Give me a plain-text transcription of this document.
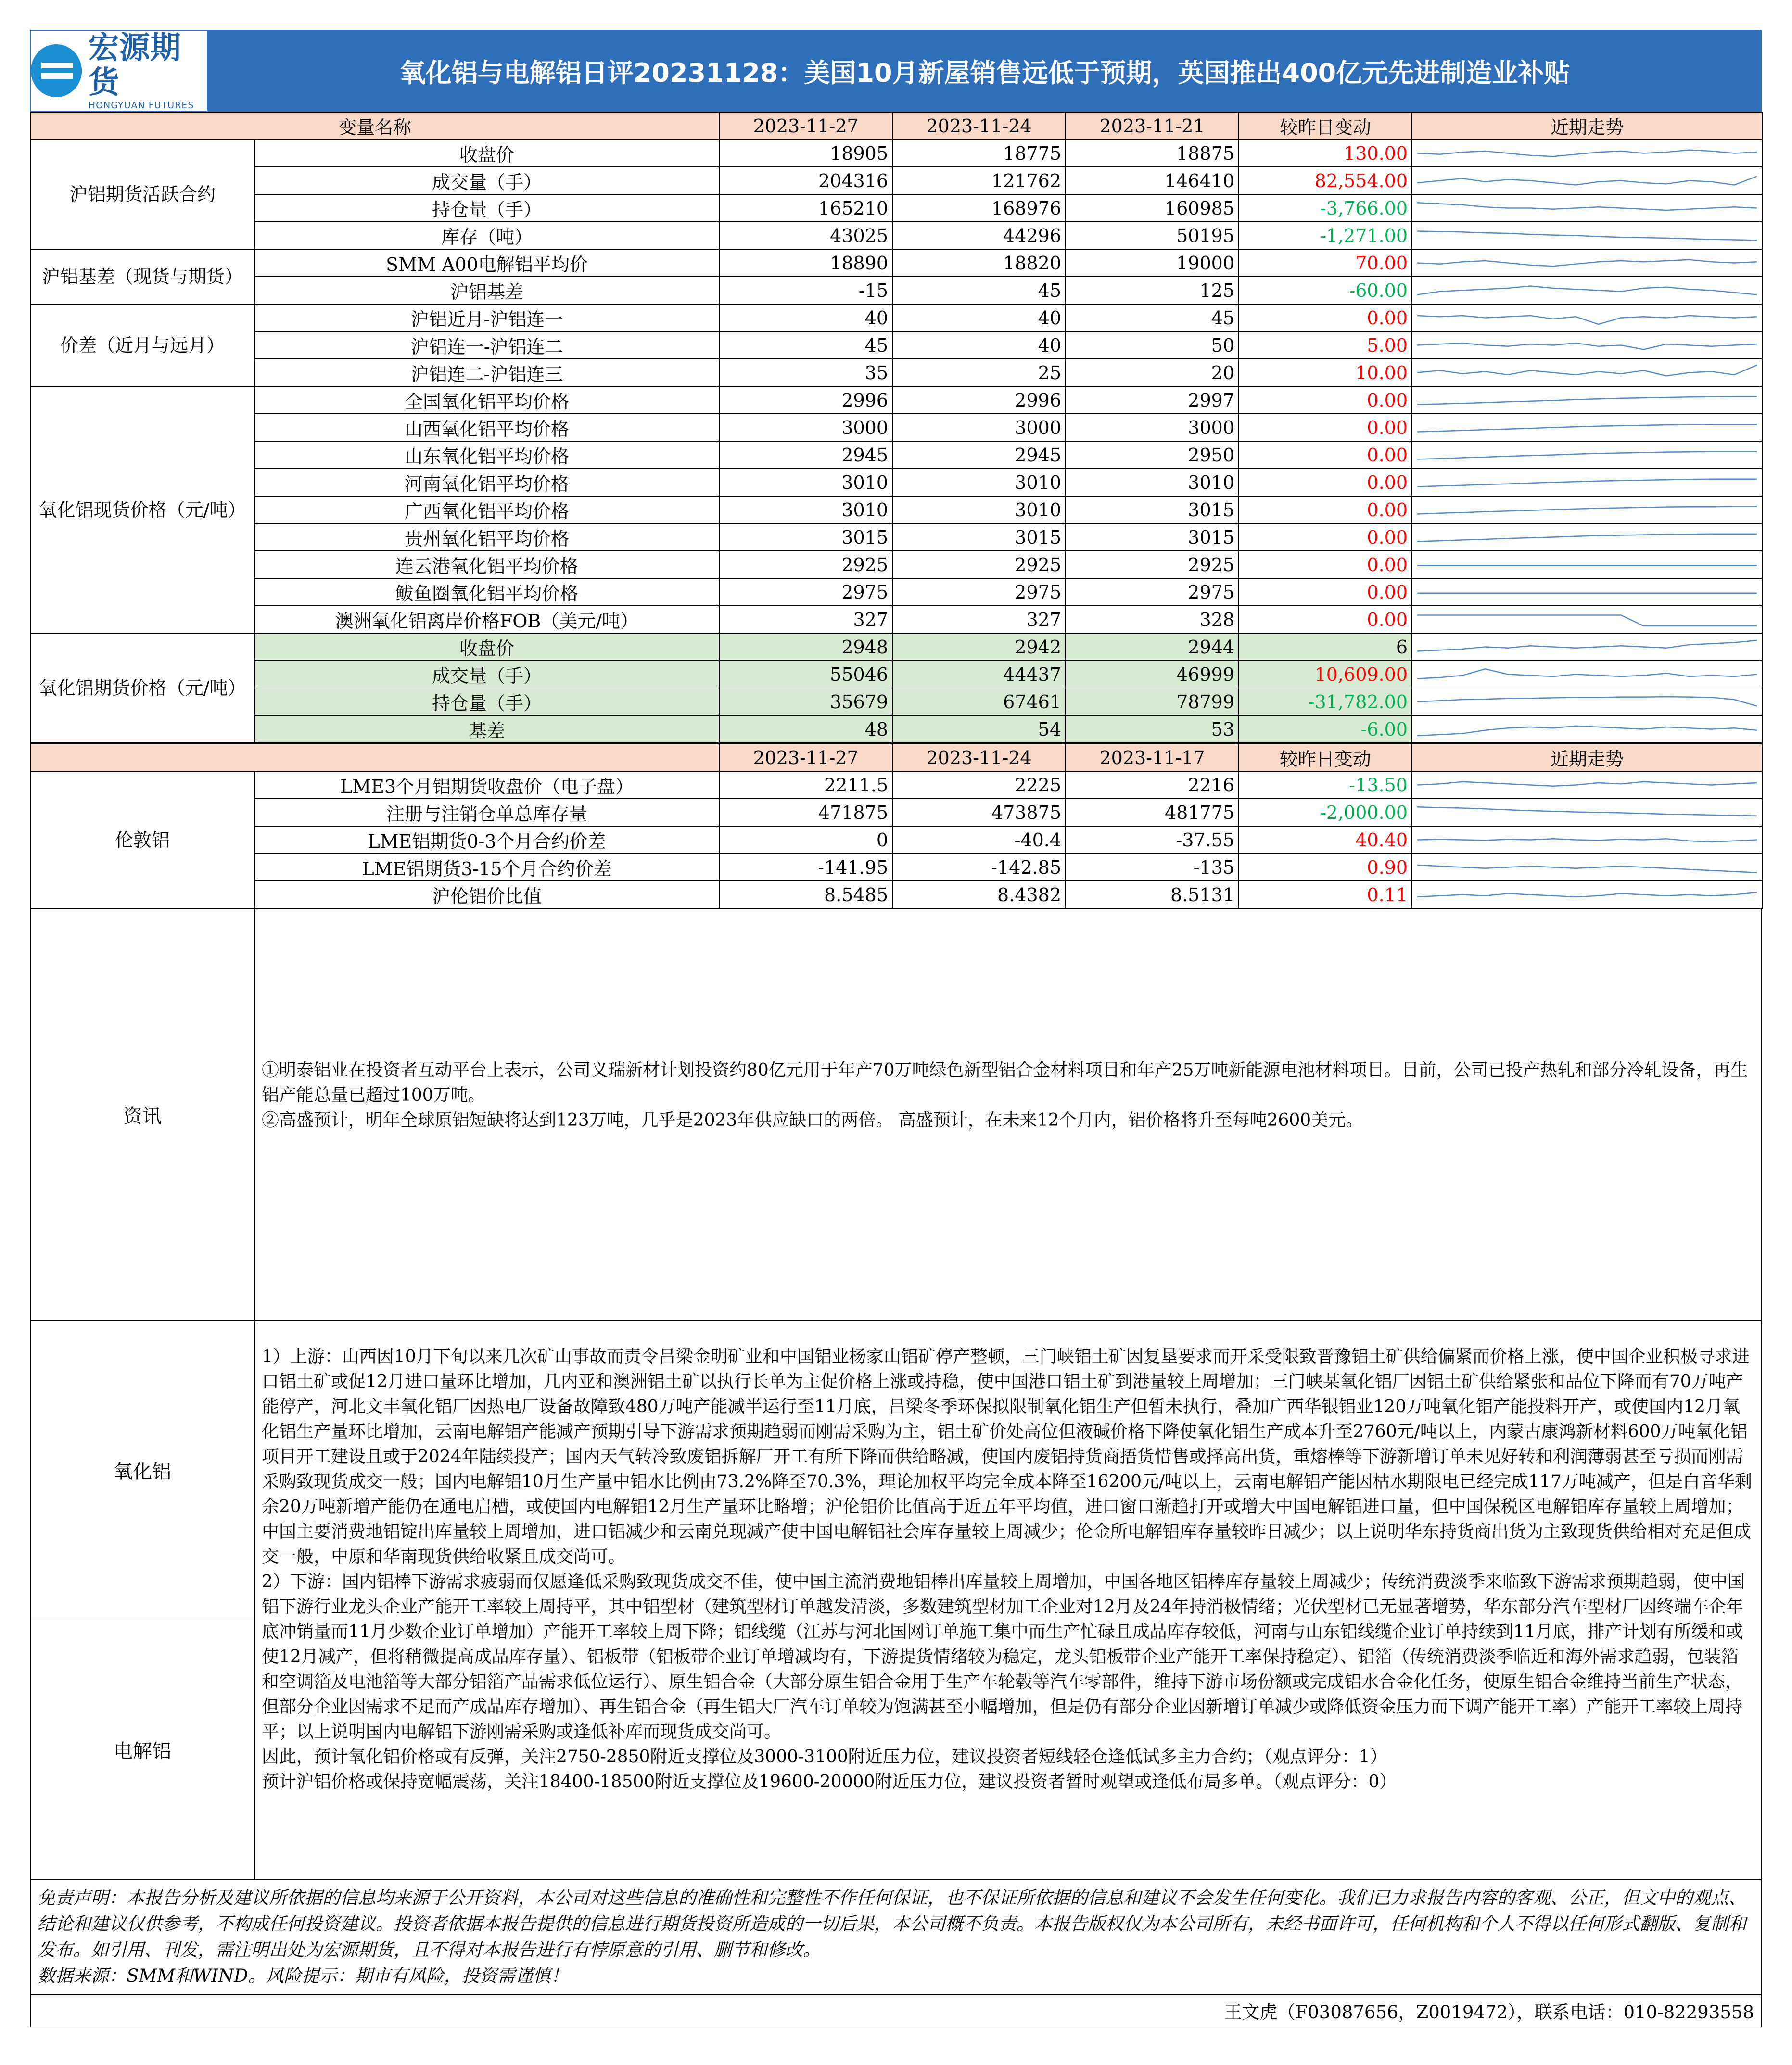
宏源期货
HONGYUAN FUTURES
氧化铝与电解铝日评20231128：美国10月新屋销售远低于预期，英国推出400亿元先进制造业补贴
变量名称		2023-11-27	2023-11-24	2023-11-21	较昨日变动	近期走势
沪铝期货活跃合约	收盘价	18905	18775	18875	130.00	

	成交量（手）	204316	121762	146410	82,554.00	

	持仓量（手）	165210	168976	160985	-3,766.00	

	库存（吨）	43025	44296	50195	-1,271.00	

沪铝基差（现货与期货）	SMM A00电解铝平均价	18890	18820	19000	70.00	

	沪铝基差	-15	45	125	-60.00	

价差（近月与远月）	沪铝近月-沪铝连一	40	40	45	0.00	

	沪铝连一-沪铝连二	45	40	50	5.00	

	沪铝连二-沪铝连三	35	25	20	10.00	

氧化铝现货价格（元/吨）	全国氧化铝平均价格	2996	2996	2997	0.00	

	山西氧化铝平均价格	3000	3000	3000	0.00	

	山东氧化铝平均价格	2945	2945	2950	0.00	

	河南氧化铝平均价格	3010	3010	3010	0.00	

	广西氧化铝平均价格	3010	3010	3015	0.00	

	贵州氧化铝平均价格	3015	3015	3015	0.00	

	连云港氧化铝平均价格	2925	2925	2925	0.00	

	鲅鱼圈氧化铝平均价格	2975	2975	2975	0.00	

	澳洲氧化铝离岸价格FOB（美元/吨）	327	327	328	0.00	

氧化铝期货价格（元/吨）	收盘价	2948	2942	2944	6	

	成交量（手）	55046	44437	46999	10,609.00	

	持仓量（手）	35679	67461	78799	-31,782.00	

	基差	48	54	53	-6.00	
		2023-11-27	2023-11-24	2023-11-17	较昨日变动	近期走势
伦敦铝	LME3个月铝期货收盘价（电子盘）	2211.5	2225	2216	-13.50	

	注册与注销仓单总库存量	471875	473875	481775	-2,000.00	

	LME铝期货0-3个月合约价差	0	-40.4	-37.55	40.40	

	LME铝期货3-15个月合约价差	-141.95	-142.85	-135	0.90	

	沪伦铝价比值	8.5485	8.4382	8.5131	0.11	
资讯
①明泰铝业在投资者互动平台上表示，公司义瑞新材计划投资约80亿元用于年产70万吨绿色新型铝合金材料项目和年产25万吨新能源电池材料项目。目前，公司已投产热轧和部分冷轧设备，再生铝产能总量已超过100万吨。
②高盛预计，明年全球原铝短缺将达到123万吨，几乎是2023年供应缺口的两倍。 高盛预计，在未来12个月内，铝价格将升至每吨2600美元。
氧化铝
电解铝
1）上游：山西因10月下旬以来几次矿山事故而责令吕梁金明矿业和中国铝业杨家山铝矿停产整顿，三门峡铝土矿因复垦要求而开采受限致晋豫铝土矿供给偏紧而价格上涨，使中国企业积极寻求进口铝土矿或促12月进口量环比增加，几内亚和澳洲铝土矿以执行长单为主促价格上涨或持稳，使中国港口铝土矿到港量较上周增加；三门峡某氧化铝厂因铝土矿供给紧张和品位下降而有70万吨产能停产，河北文丰氧化铝厂因热电厂设备故障致480万吨产能减半运行至11月底，吕梁冬季环保拟限制氧化铝生产但暂未执行，叠加广西华银铝业120万吨氧化铝产能投料开产，或使国内12月氧化铝生产量环比增加，云南电解铝产能减产预期引导下游需求预期趋弱而刚需采购为主，铝土矿价处高位但液碱价格下降使氧化铝生产成本升至2760元/吨以上，内蒙古康鸿新材料600万吨氧化铝项目开工建设且或于2024年陆续投产；国内天气转冷致废铝拆解厂开工有所下降而供给略减，使国内废铝持货商捂货惜售或择高出货，重熔棒等下游新增订单未见好转和利润薄弱甚至亏损而刚需采购致现货成交一般；国内电解铝10月生产量中铝水比例由73.2%降至70.3%，理论加权平均完全成本降至16200元/吨以上，云南电解铝产能因枯水期限电已经完成117万吨减产，但是白音华剩余20万吨新增产能仍在通电启槽，或使国内电解铝12月生产量环比略增；沪伦铝价比值高于近五年平均值，进口窗口渐趋打开或增大中国电解铝进口量，但中国保税区电解铝库存量较上周增加；中国主要消费地铝锭出库量较上周增加，进口铝减少和云南兑现减产使中国电解铝社会库存量较上周减少；伦金所电解铝库存量较昨日减少；以上说明华东持货商出货为主致现货供给相对充足但成交一般，中原和华南现货供给收紧且成交尚可。
2）下游：国内铝棒下游需求疲弱而仅愿逢低采购致现货成交不佳，使中国主流消费地铝棒出库量较上周增加，中国各地区铝棒库存量较上周减少；传统消费淡季来临致下游需求预期趋弱，使中国铝下游行业龙头企业产能开工率较上周持平，其中铝型材（建筑型材订单越发清淡，多数建筑型材加工企业对12月及24年持消极情绪；光伏型材已无显著增势，华东部分汽车型材厂因终端车企年底冲销量而11月少数企业订单增加）产能开工率较上周下降；铝线缆（江苏与河北国网订单施工集中而生产忙碌且成品库存较低，河南与山东铝线缆企业订单持续到11月底，排产计划有所缓和或使12月减产，但将稍微提高成品库存量）、铝板带（铝板带企业订单增减均有，下游提货情绪较为稳定，龙头铝板带企业产能开工率保持稳定）、铝箔（传统消费淡季临近和海外需求趋弱，包装箔和空调箔及电池箔等大部分铝箔产品需求低位运行）、原生铝合金（大部分原生铝合金用于生产车轮毂等汽车零部件，维持下游市场份额或完成铝水合金化任务，使原生铝合金维持当前生产状态，但部分企业因需求不足而产成品库存增加）、再生铝合金（再生铝大厂汽车订单较为饱满甚至小幅增加，但是仍有部分企业因新增订单减少或降低资金压力而下调产能开工率）产能开工率较上周持平；以上说明国内电解铝下游刚需采购或逢低补库而现货成交尚可。
因此，预计氧化铝价格或有反弹，关注2750-2850附近支撑位及3000-3100附近压力位，建议投资者短线轻仓逢低试多主力合约；（观点评分：1）
预计沪铝价格或保持宽幅震荡，关注18400-18500附近支撑位及19600-20000附近压力位，建议投资者暂时观望或逢低布局多单。（观点评分：0）
免责声明：本报告分析及建议所依据的信息均来源于公开资料，本公司对这些信息的准确性和完整性不作任何保证，也不保证所依据的信息和建议不会发生任何变化。我们已力求报告内容的客观、公正，但文中的观点、结论和建议仅供参考，不构成任何投资建议。投资者依据本报告提供的信息进行期货投资所造成的一切后果，本公司概不负责。本报告版权仅为本公司所有，未经书面许可，任何机构和个人不得以任何形式翻版、复制和发布。如引用、刊发，需注明出处为宏源期货，且不得对本报告进行有悖原意的引用、删节和修改。
数据来源：SMM和WIND。风险提示：期市有风险，投资需谨慎！
王文虎（F03087656，Z0019472），联系电话：010-82293558
